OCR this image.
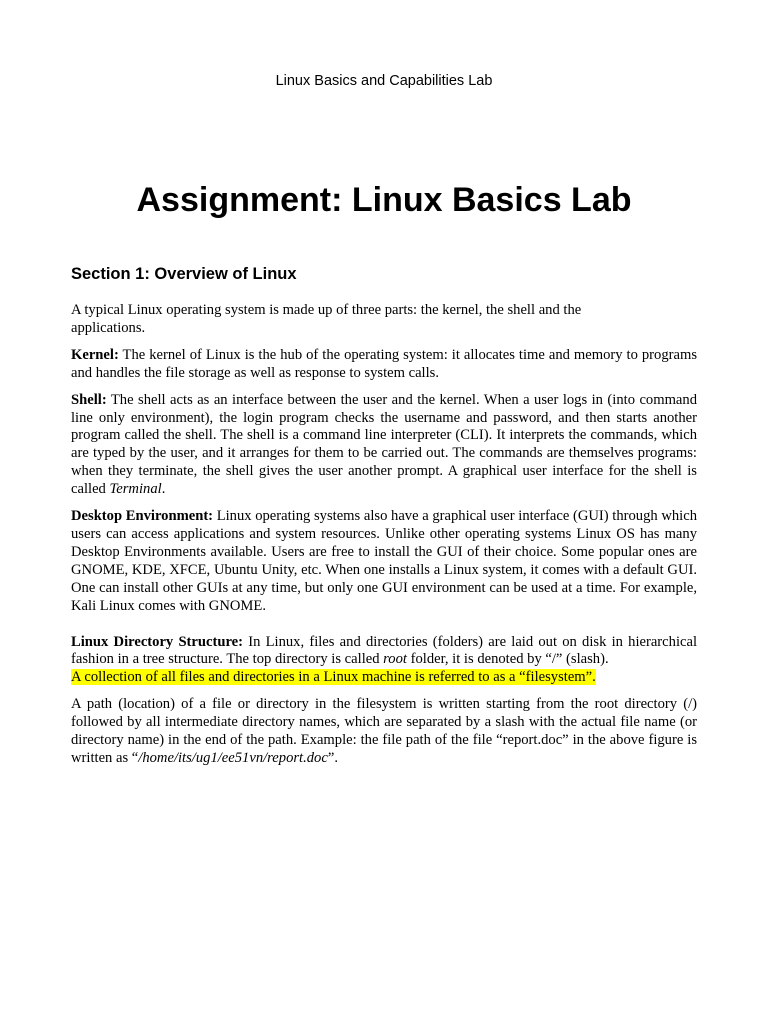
Linux Basics and Capabilities Lab
Assignment: Linux Basics Lab
Section 1: Overview of Linux

A typical Linux operating system is made up of three parts: the kernel, the shell and the applications.

Kernel: The kernel of Linux is the hub of the operating system: it allocates time and memory to programs and handles the file storage as well as response to system calls.

Shell: The shell acts as an interface between the user and the kernel. When a user logs in (into command line only environment), the login program checks the username and password, and then starts another program called the shell. The shell is a command line interpreter (CLI). It interprets the commands, which are typed by the user, and it arranges for them to be carried out. The commands are themselves programs: when they terminate, the shell gives the user another prompt. A graphical user interface for the shell is called Terminal.

Desktop Environment: Linux operating systems also have a graphical user interface (GUI) through which users can access applications and system resources. Unlike other operating systems Linux OS has many Desktop Environments available. Users are free to install the GUI of their choice. Some popular ones are GNOME, KDE, XFCE, Ubuntu Unity, etc. When one installs a Linux system, it comes with a default GUI. One can install other GUIs at any time, but only one GUI environment can be used at a time. For example, Kali Linux comes with GNOME.

Linux Directory Structure: In Linux, files and directories (folders) are laid out on disk in hierarchical fashion in a tree structure. The top directory is called root folder, it is denoted by “/” (slash).

A collection of all files and directories in a Linux machine is referred to as a “filesystem”.

A path (location) of a file or directory in the filesystem is written starting from the root directory (/) followed by all intermediate directory names, which are separated by a slash with the actual file name (or directory name) in the end of the path. Example: the file path of the file “report.doc” in the above figure is written as “/home/its/ug1/ee51vn/report.doc”.
